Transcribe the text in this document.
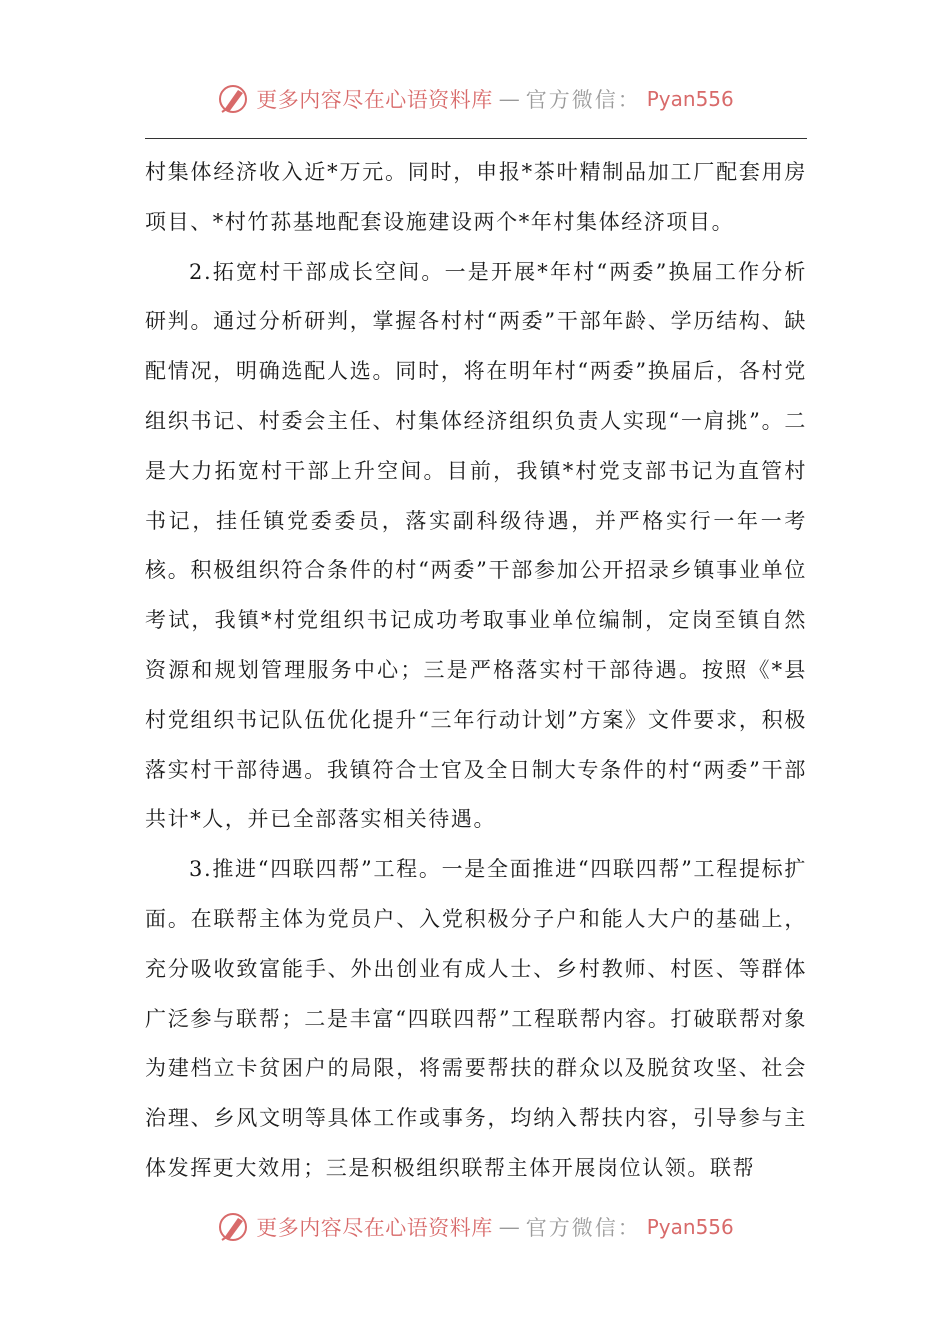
更多内容尽在心语资料库 — 官方微信： Pyan556

村集体经济收入近*万元。同时，申报*茶叶精制品加工厂配套用房项目、*村竹荪基地配套设施建设两个*年村集体经济项目。

2.拓宽村干部成长空间。一是开展*年村“两委”换届工作分析研判。通过分析研判，掌握各村村“两委”干部年龄、学历结构、缺配情况，明确选配人选。同时，将在明年村“两委”换届后，各村党组织书记、村委会主任、村集体经济组织负责人实现“一肩挑”。二是大力拓宽村干部上升空间。目前，我镇*村党支部书记为直管村书记，挂任镇党委委员，落实副科级待遇，并严格实行一年一考核。积极组织符合条件的村“两委”干部参加公开招录乡镇事业单位考试，我镇*村党组织书记成功考取事业单位编制，定岗至镇自然资源和规划管理服务中心；三是严格落实村干部待遇。按照《*县村党组织书记队伍优化提升“三年行动计划”方案》文件要求，积极落实村干部待遇。我镇符合士官及全日制大专条件的村“两委”干部共计*人，并已全部落实相关待遇。

3.推进“四联四帮”工程。一是全面推进“四联四帮”工程提标扩面。在联帮主体为党员户、入党积极分子户和能人大户的基础上，充分吸收致富能手、外出创业有成人士、乡村教师、村医、等群体广泛参与联帮；二是丰富“四联四帮”工程联帮内容。打破联帮对象为建档立卡贫困户的局限，将需要帮扶的群众以及脱贫攻坚、社会治理、乡风文明等具体工作或事务，均纳入帮扶内容，引导参与主体发挥更大效用；三是积极组织联帮主体开展岗位认领。联帮

更多内容尽在心语资料库 — 官方微信： Pyan556
